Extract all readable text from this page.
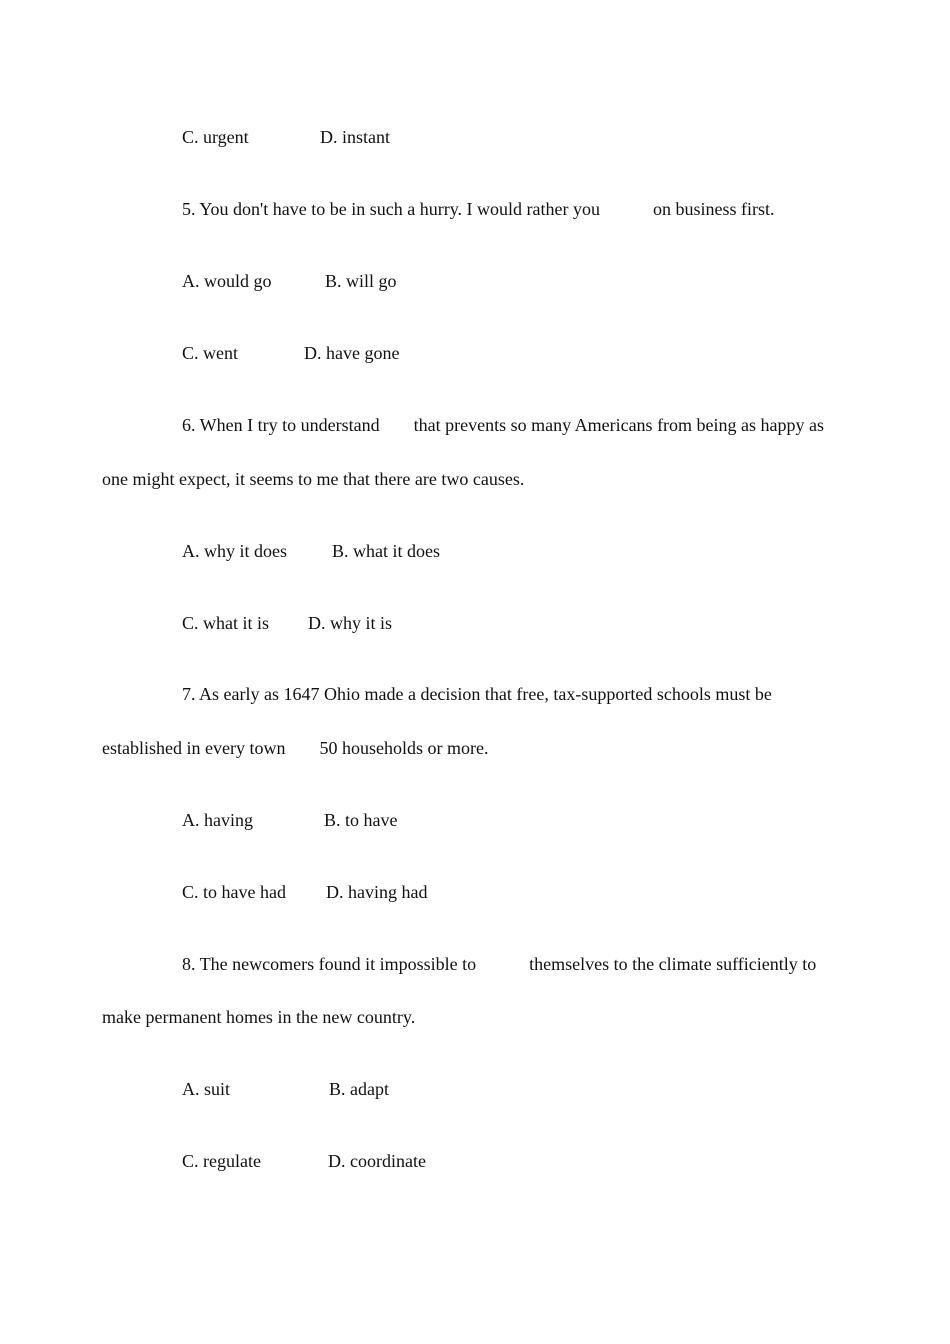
C. urgent	D. instant
5. You don't have to be in such a hurry. I would rather you	on business first.
A. would go	B. will go
C. went	D. have gone
6. When I try to understand that prevents so many Americans from being as happy as
one might expect, it seems to me that there are two causes.
A. why it does	B. what it does
C. what it is D. why it is
7. As early as 1647 Ohio made a decision that free, tax-supported schools must be
established in every town 50 households or more.
A. having	B. to have
C. to have had D. having had
8. The newcomers found it impossible to	themselves to the climate sufficiently to
make permanent homes in the new country.
A. suit	B. adapt
C. regulate	D. coordinate
